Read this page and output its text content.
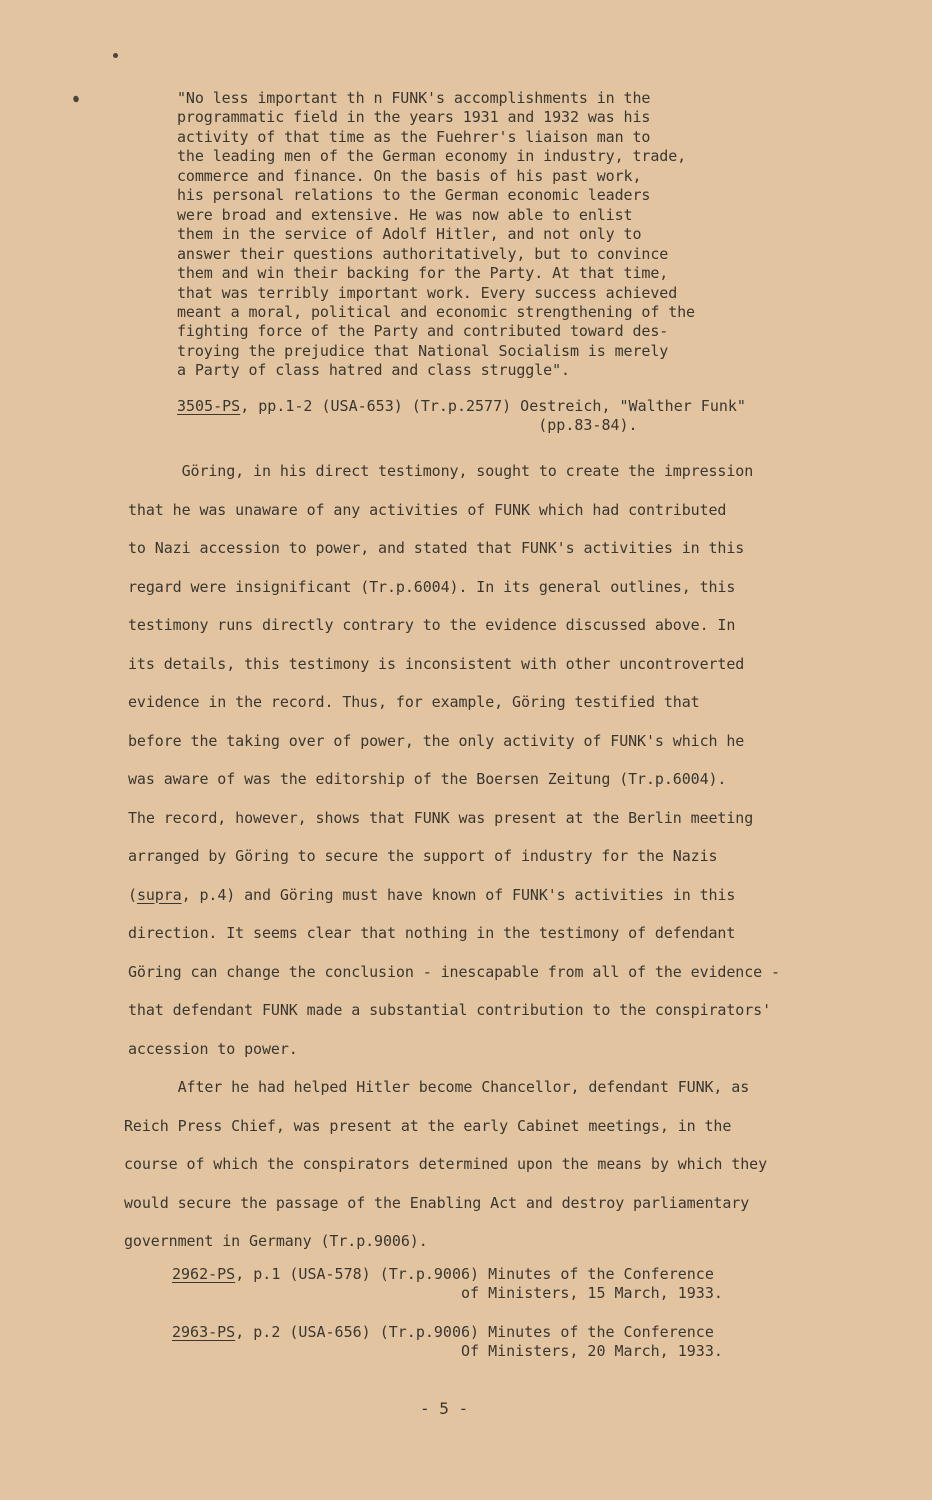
"No less important th n FUNK's accomplishments in the
programmatic field in the years 1931 and 1932 was his
activity of that time as the Fuehrer's liaison man to
the leading men of the German economy in industry, trade,
commerce and finance. On the basis of his past work,
his personal relations to the German economic leaders
were broad and extensive. He was now able to enlist
them in the service of Adolf Hitler, and not only to
answer their questions authoritatively, but to convince
them and win their backing for the Party. At that time,
that was terribly important work. Every success achieved
meant a moral, political and economic strengthening of the
fighting force of the Party and contributed toward des-
troying the prejudice that National Socialism is merely
a Party of class hatred and class struggle".
3505-PS, pp.1-2 (USA-653) (Tr.p.2577) Oestreich, "Walther Funk"
(pp.83-84).
Göring, in his direct testimony, sought to create the impression
that he was unaware of any activities of FUNK which had contributed
to Nazi accession to power, and stated that FUNK's activities in this
regard were insignificant (Tr.p.6004). In its general outlines, this
testimony runs directly contrary to the evidence discussed above. In
its details, this testimony is inconsistent with other uncontroverted
evidence in the record. Thus, for example, Göring testified that
before the taking over of power, the only activity of FUNK's which he
was aware of was the editorship of the Boersen Zeitung (Tr.p.6004).
The record, however, shows that FUNK was present at the Berlin meeting
arranged by Göring to secure the support of industry for the Nazis
(supra, p.4) and Göring must have known of FUNK's activities in this
direction. It seems clear that nothing in the testimony of defendant
Göring can change the conclusion - inescapable from all of the evidence -
that defendant FUNK made a substantial contribution to the conspirators'
accession to power.
After he had helped Hitler become Chancellor, defendant FUNK, as
Reich Press Chief, was present at the early Cabinet meetings, in the
course of which the conspirators determined upon the means by which they
would secure the passage of the Enabling Act and destroy parliamentary
government in Germany (Tr.p.9006).
2962-PS, p.1 (USA-578) (Tr.p.9006) Minutes of the Conference
of Ministers, 15 March, 1933.
2963-PS, p.2 (USA-656) (Tr.p.9006) Minutes of the Conference
Of Ministers, 20 March, 1933.
- 5 -
